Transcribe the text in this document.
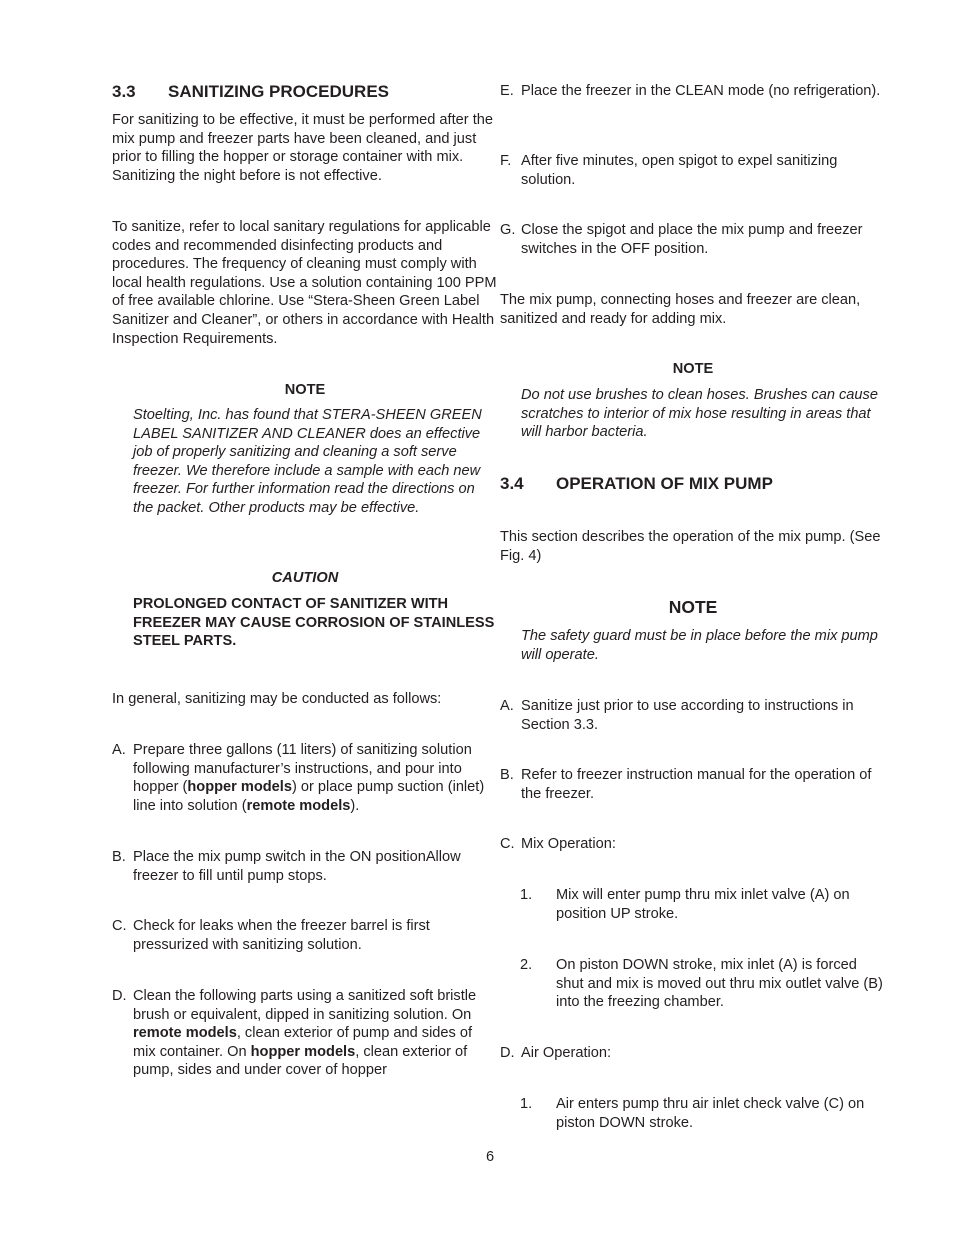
3.3 SANITIZING PROCEDURES

For sanitizing to be effective, it must be performed after the mix pump and freezer parts have been cleaned, and just prior to filling the hopper or storage container with mix. Sanitizing the night before is not effective.

To sanitize, refer to local sanitary regulations for applicable codes and recommended disinfecting products and procedures. The frequency of cleaning must comply with local health regulations. Use a solution containing 100 PPM of free available chlorine. Use “Stera-Sheen Green Label Sanitizer and Cleaner”, or others in accordance with Health Inspection Requirements.

NOTE

Stoelting, Inc. has found that STERA-SHEEN GREEN LABEL SANITIZER AND CLEANER does an effective job of properly sanitizing and cleaning a soft serve freezer. We therefore include a sample with each new freezer. For further information read the directions on the packet. Other products may be effective.

CAUTION

PROLONGED CONTACT OF SANITIZER WITH FREEZER MAY CAUSE CORROSION OF STAINLESS STEEL PARTS.

In general, sanitizing may be conducted as follows:

A. Prepare three gallons (11 liters) of sanitizing solution following manufacturer’s instructions, and pour into hopper (hopper models) or place pump suction (inlet) line into solution (remote models).
B. Place the mix pump switch in the ON positionAllow freezer to fill until pump stops.
C. Check for leaks when the freezer barrel is first pressurized with sanitizing solution.
D. Clean the following parts using a sanitized soft bristle brush or equivalent, dipped in sanitizing solution. On remote models, clean exterior of pump and sides of mix container. On hopper models, clean exterior of pump, sides and under cover of hopper
E. Place the freezer in the CLEAN mode (no refrigeration).
F. After five minutes, open spigot to expel sanitizing solution.
G. Close the spigot and place the mix pump and freezer switches in the OFF position.

The mix pump, connecting hoses and freezer are clean, sanitized and ready for adding mix.

NOTE

Do not use brushes to clean hoses. Brushes can cause scratches to interior of mix hose resulting in areas that will harbor bacteria.

3.4 OPERATION OF MIX PUMP

This section describes the operation of the mix pump. (See Fig. 4)

NOTE

The safety guard must be in place before the mix pump will operate.

A. Sanitize just prior to use according to instructions in Section 3.3.
B. Refer to freezer instruction manual for the operation of the freezer.
C. Mix Operation:
1. Mix will enter pump thru mix inlet valve (A) on position UP stroke.
2. On piston DOWN stroke, mix inlet (A) is forced shut and mix is moved out thru mix outlet valve (B) into the freezing chamber.
D. Air Operation:
1. Air enters pump thru air inlet check valve (C) on piston DOWN stroke.
6
